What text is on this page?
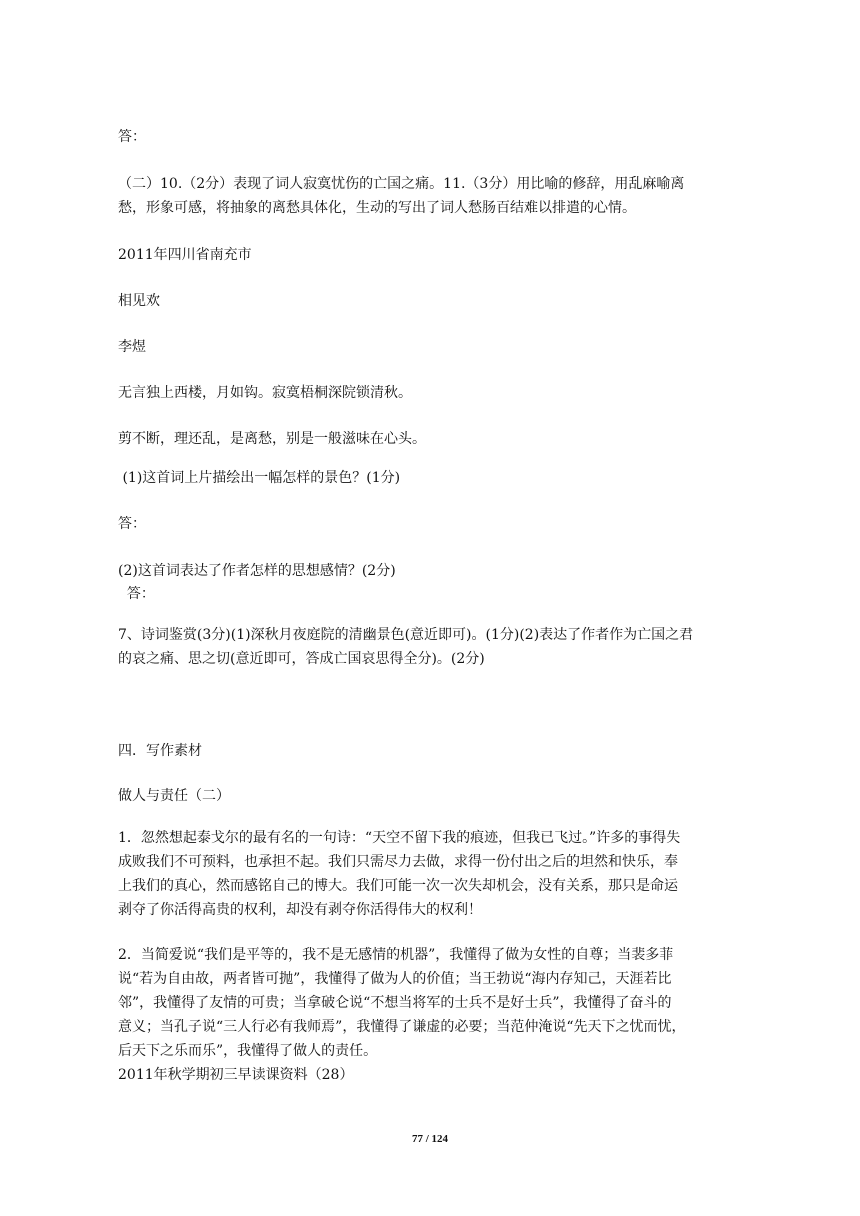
答：
（二）10.（2分）表现了词人寂寞忧伤的亡国之痛。11.（3分）用比喻的修辞，用乱麻喻离
愁，形象可感，将抽象的离愁具体化，生动的写出了词人愁肠百结难以排遣的心情。
2011年四川省南充市
相见欢
李煜
无言独上西楼，月如钩。寂寞梧桐深院锁清秋。
剪不断，理还乱，是离愁，别是一般滋味在心头。
(1)这首词上片描绘出一幅怎样的景色？(1分)
答：
(2)这首词表达了作者怎样的思想感情？(2分)
答：
7、诗词鉴赏(3分)(1)深秋月夜庭院的清幽景色(意近即可)。(1分)(2)表达了作者作为亡国之君
的哀之痛、思之切(意近即可，答成亡国哀思得全分)。(2分)
四．写作素材
做人与责任（二）
1．忽然想起泰戈尔的最有名的一句诗：“天空不留下我的痕迹，但我已飞过。”许多的事得失
成败我们不可预料，也承担不起。我们只需尽力去做，求得一份付出之后的坦然和快乐，奉
上我们的真心，然而感铭自己的博大。我们可能一次一次失却机会，没有关系，那只是命运
剥夺了你活得高贵的权利，却没有剥夺你活得伟大的权利！
2．当简爱说“我们是平等的，我不是无感情的机器”，我懂得了做为女性的自尊；当裴多菲
说“若为自由故，两者皆可抛”，我懂得了做为人的价值；当王勃说“海内存知己，天涯若比
邻”，我懂得了友情的可贵；当拿破仑说“不想当将军的士兵不是好士兵”，我懂得了奋斗的
意义；当孔子说“三人行必有我师焉”，我懂得了谦虚的必要；当范仲淹说“先天下之忧而忧，
后天下之乐而乐”，我懂得了做人的责任。
2011年秋学期初三早读课资料（28）
77 / 124
